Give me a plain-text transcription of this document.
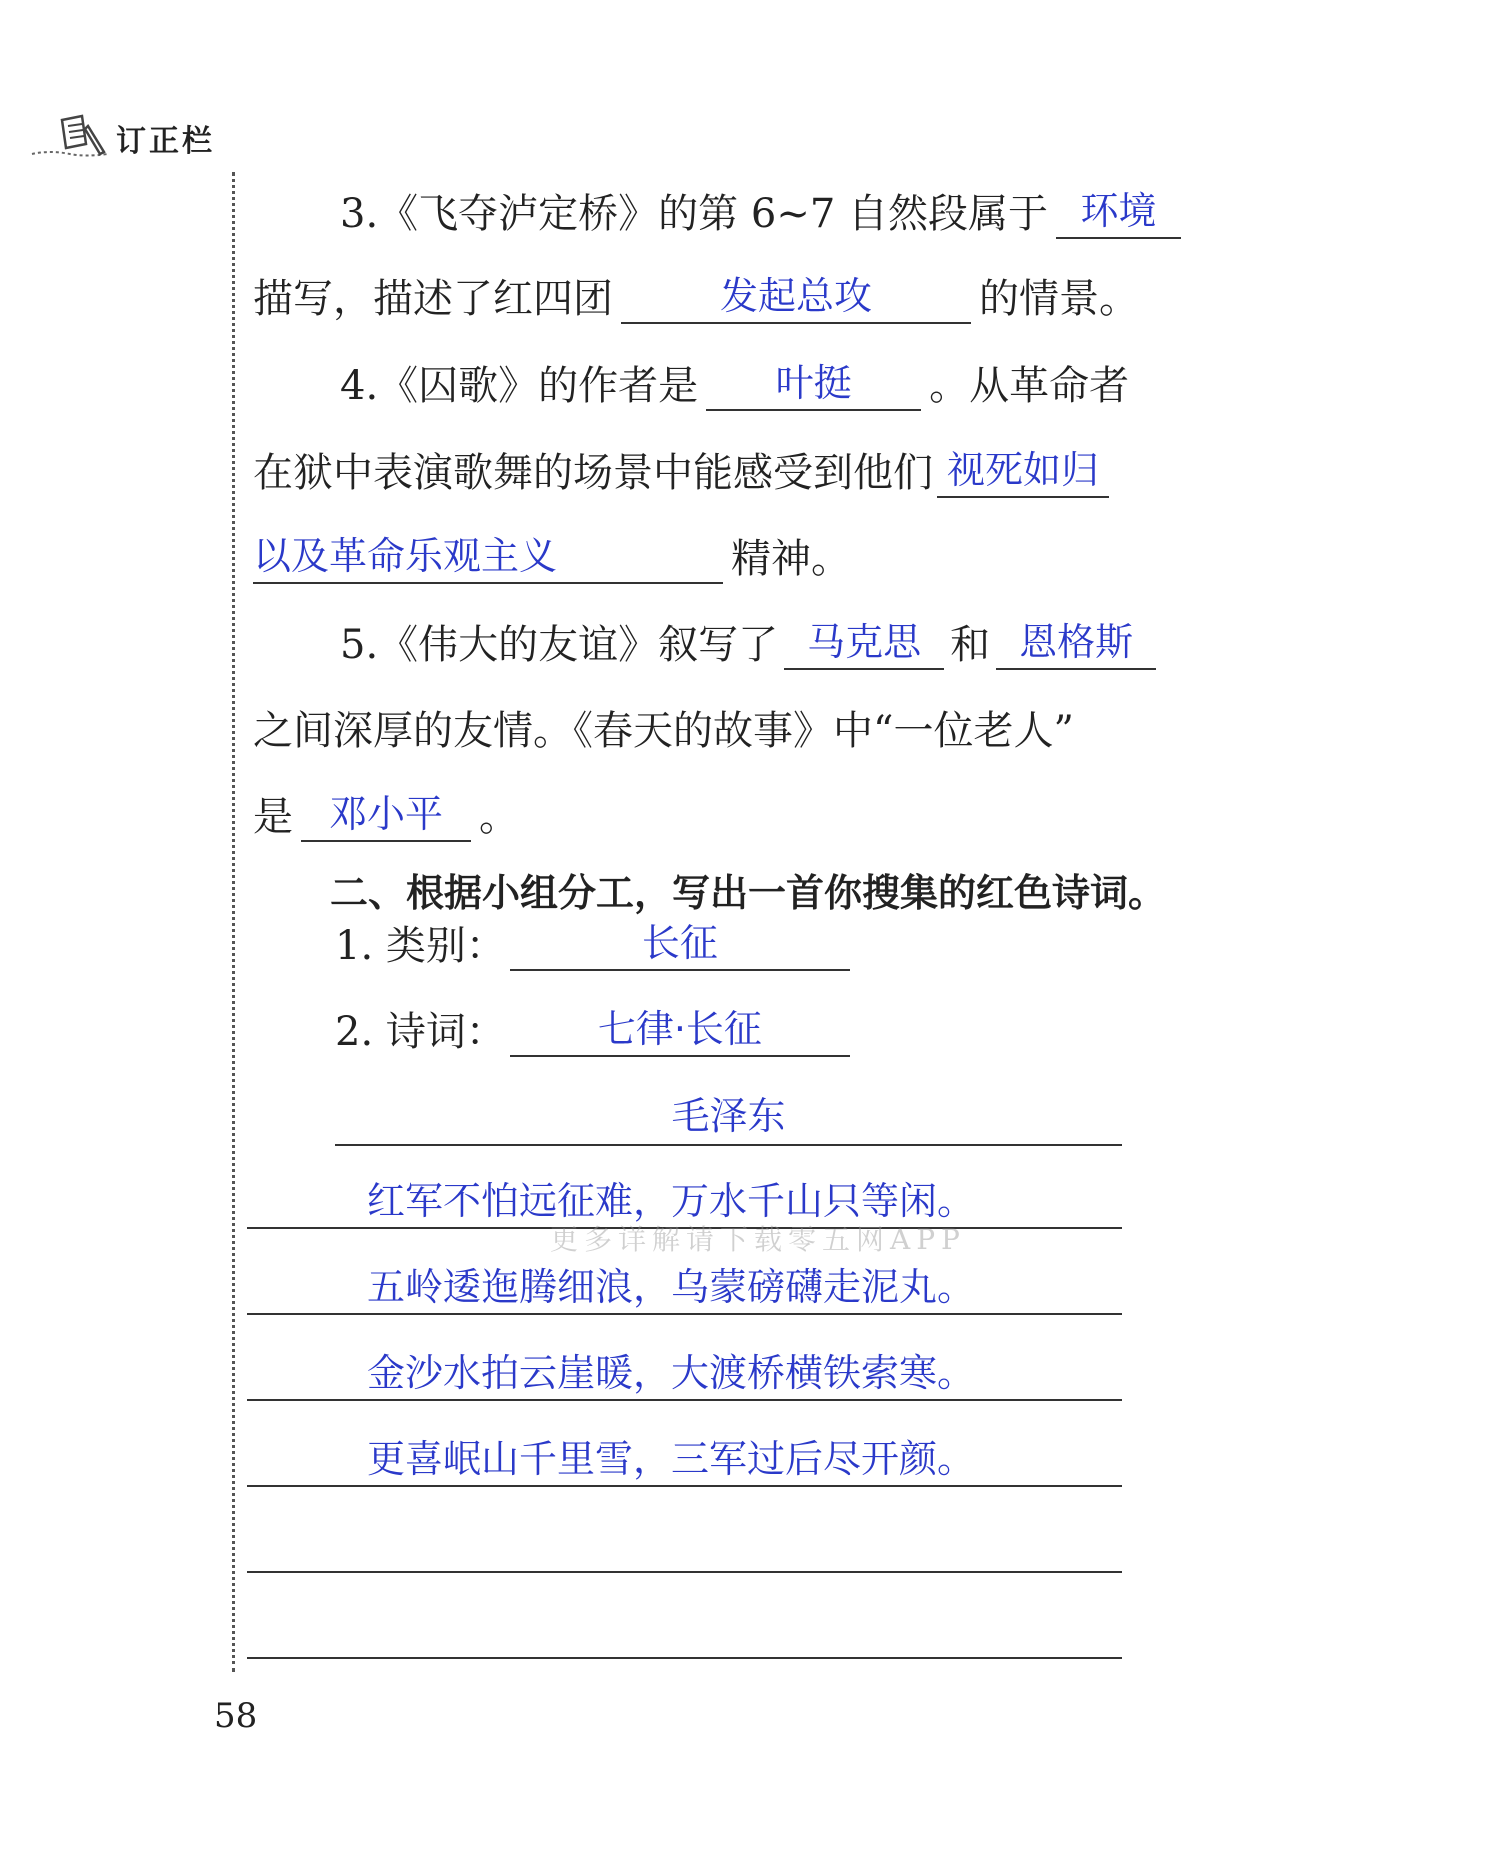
订正栏
3.《飞夺泸定桥》的第 6~7 自然段属于 环境
描写，描述了红四团	发起总攻	的情景。
4.《囚歌》的作者是	叶挺	。从革命者
在狱中表演歌舞的场景中能感受到他们 视死如归
以及革命乐观主义	精神。
5.《伟大的友谊》叙写了 马克思 和 恩格斯
之间深厚的友情。《春天的故事》中“一位老人”
是 邓小平 。
二、根据小组分工，写出一首你搜集的红色诗词。
1. 类别：	长征
2. 诗词：	七律·长征
毛泽东
红军不怕远征难，万水千山只等闲。
五岭逶迤腾细浪，乌蒙磅礴走泥丸。
金沙水拍云崖暖，大渡桥横铁索寒。
更喜岷山千里雪，三军过后尽开颜。
更多详解请下载零五网APP
58
